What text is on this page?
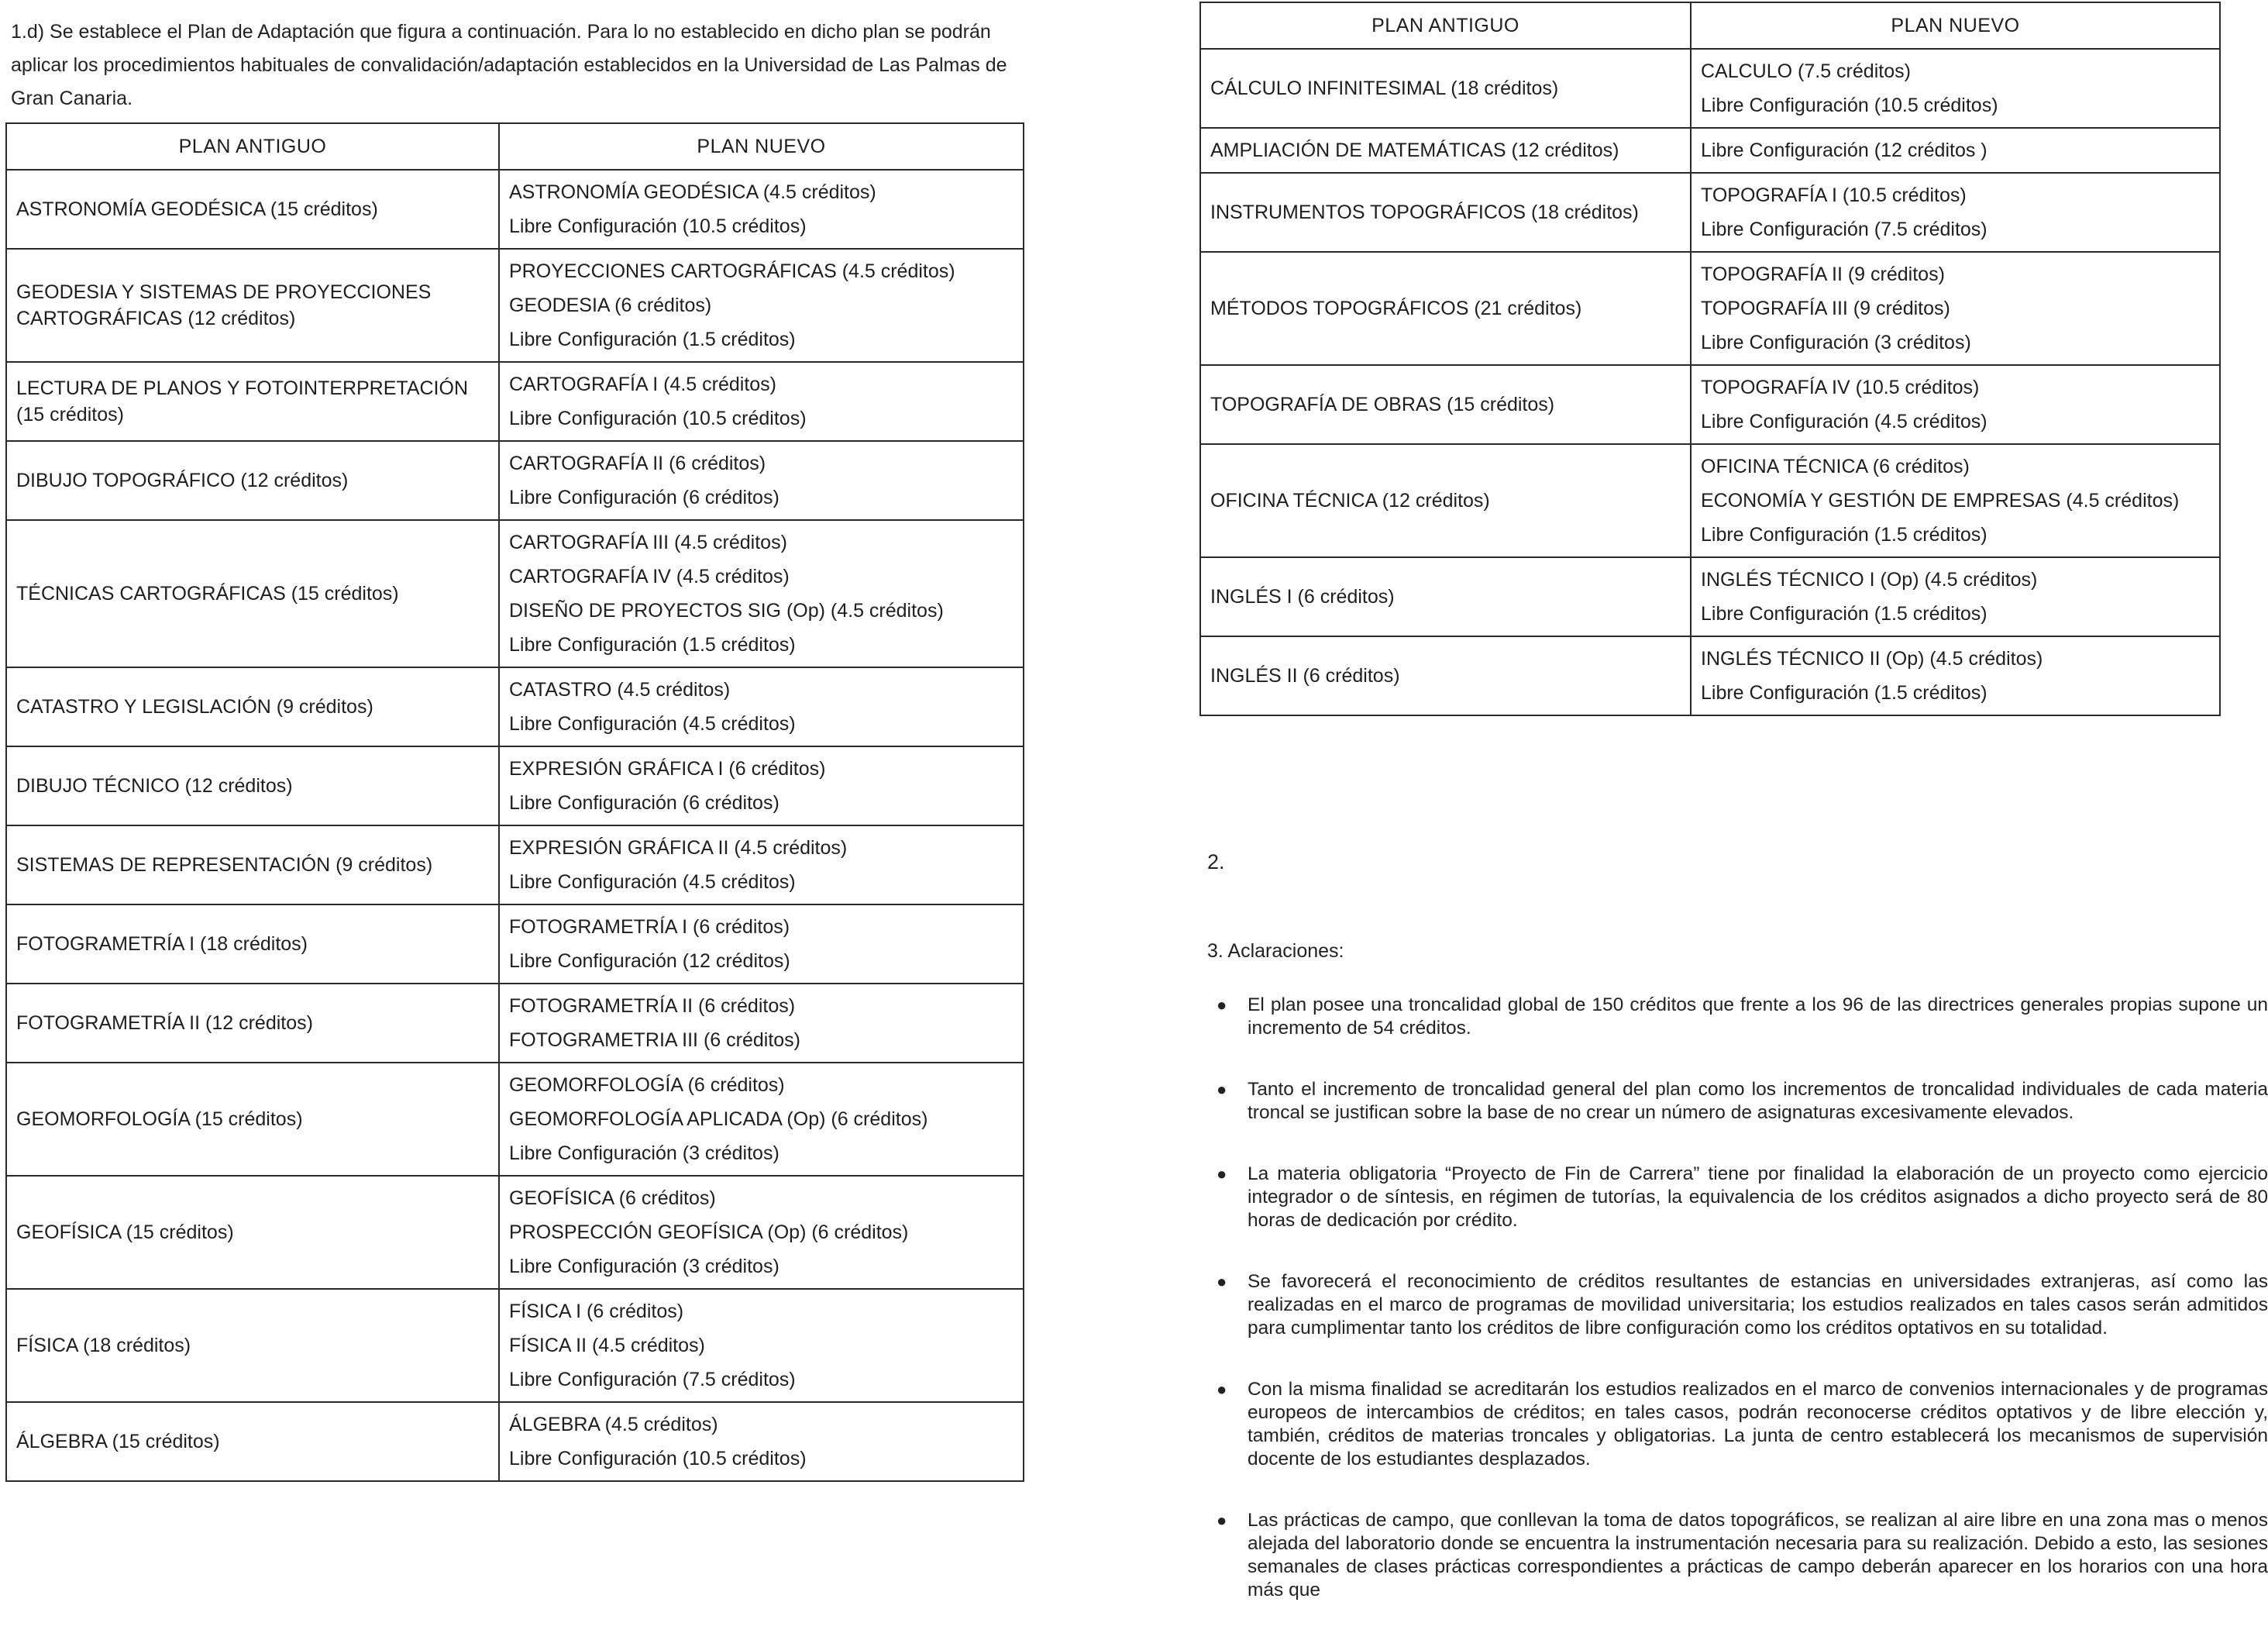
1.d) Se establece el Plan de Adaptación que figura a continuación. Para lo no establecido en dicho plan se podrán aplicar los procedimientos habituales de convalidación/adaptación establecidos en la Universidad de Las Palmas de Gran Canaria.

PLAN ANTIGUO	PLAN NUEVO
ASTRONOMÍA GEODÉSICA (15 créditos)	ASTRONOMÍA GEODÉSICA (4.5 créditos)
Libre Configuración (10.5 créditos)

GEODESIA Y SISTEMAS DE PROYECCIONES CARTOGRÁFICAS (12 créditos)	PROYECCIONES CARTOGRÁFICAS (4.5 créditos)
GEODESIA (6 créditos)
Libre Configuración (1.5 créditos)

LECTURA DE PLANOS Y FOTOINTERPRETACIÓN (15 créditos)	CARTOGRAFÍA I (4.5 créditos)
Libre Configuración (10.5 créditos)

DIBUJO TOPOGRÁFICO (12 créditos)	CARTOGRAFÍA II (6 créditos)
Libre Configuración (6 créditos)

TÉCNICAS CARTOGRÁFICAS (15 créditos)	CARTOGRAFÍA III (4.5 créditos)
CARTOGRAFÍA IV (4.5 créditos)
DISEÑO DE PROYECTOS SIG (Op) (4.5 créditos)
Libre Configuración (1.5 créditos)

CATASTRO Y LEGISLACIÓN (9 créditos)	CATASTRO (4.5 créditos)
Libre Configuración (4.5 créditos)

DIBUJO TÉCNICO (12 créditos)	EXPRESIÓN GRÁFICA I (6 créditos)
Libre Configuración (6 créditos)

SISTEMAS DE REPRESENTACIÓN (9 créditos)	EXPRESIÓN GRÁFICA II (4.5 créditos)
Libre Configuración (4.5 créditos)

FOTOGRAMETRÍA I (18 créditos)	FOTOGRAMETRÍA I (6 créditos)
Libre Configuración (12 créditos)

FOTOGRAMETRÍA II (12 créditos)	FOTOGRAMETRÍA II (6 créditos)
FOTOGRAMETRIA III (6 créditos)

GEOMORFOLOGÍA (15 créditos)	GEOMORFOLOGÍA (6 créditos)
GEOMORFOLOGÍA APLICADA (Op) (6 créditos)
Libre Configuración (3 créditos)

GEOFÍSICA (15 créditos)	GEOFÍSICA (6 créditos)
PROSPECCIÓN GEOFÍSICA (Op) (6 créditos)
Libre Configuración (3 créditos)

FÍSICA (18 créditos)	FÍSICA I (6 créditos)
FÍSICA II (4.5 créditos)
Libre Configuración (7.5 créditos)

ÁLGEBRA (15 créditos)	ÁLGEBRA (4.5 créditos)
Libre Configuración (10.5 créditos)
PLAN ANTIGUO	PLAN NUEVO
CÁLCULO INFINITESIMAL (18 créditos)	CALCULO (7.5 créditos)
Libre Configuración (10.5 créditos)

AMPLIACIÓN DE MATEMÁTICAS (12 créditos)	Libre Configuración (12 créditos )

INSTRUMENTOS TOPOGRÁFICOS (18 créditos)	TOPOGRAFÍA I (10.5 créditos)
Libre Configuración (7.5 créditos)

MÉTODOS TOPOGRÁFICOS (21 créditos)	TOPOGRAFÍA II (9 créditos)
TOPOGRAFÍA III (9 créditos)
Libre Configuración (3 créditos)

TOPOGRAFÍA DE OBRAS (15 créditos)	TOPOGRAFÍA IV (10.5 créditos)
Libre Configuración (4.5 créditos)

OFICINA TÉCNICA (12 créditos)	OFICINA TÉCNICA (6 créditos)
ECONOMÍA Y GESTIÓN DE EMPRESAS (4.5 créditos)
Libre Configuración (1.5 créditos)

INGLÉS I (6 créditos)	INGLÉS TÉCNICO I (Op) (4.5 créditos)
Libre Configuración (1.5 créditos)

INGLÉS II (6 créditos)	INGLÉS TÉCNICO II (Op) (4.5 créditos)
Libre Configuración (1.5 créditos)
2.
3. Aclaraciones:
● El plan posee una troncalidad global de 150 créditos que frente a los 96 de las directrices generales propias supone un incremento de 54 créditos.
● Tanto el incremento de troncalidad general del plan como los incrementos de troncalidad individuales de cada materia troncal se justifican sobre la base de no crear un número de asignaturas excesivamente elevados.
● La materia obligatoria “Proyecto de Fin de Carrera” tiene por finalidad la elaboración de un proyecto como ejercicio integrador o de síntesis, en régimen de tutorías, la equivalencia de los créditos asignados a dicho proyecto será de 80 horas de dedicación por crédito.
● Se favorecerá el reconocimiento de créditos resultantes de estancias en universidades extranjeras, así como las realizadas en el marco de programas de movilidad universitaria; los estudios realizados en tales casos serán admitidos para cumplimentar tanto los créditos de libre configuración como los créditos optativos en su totalidad.
● Con la misma finalidad se acreditarán los estudios realizados en el marco de convenios internacionales y de programas europeos de intercambios de créditos; en tales casos, podrán reconocerse créditos optativos y de libre elección y, también, créditos de materias troncales y obligatorias. La junta de centro establecerá los mecanismos de supervisión docente de los estudiantes desplazados.
● Las prácticas de campo, que conllevan la toma de datos topográficos, se realizan al aire libre en una zona mas o menos alejada del laboratorio donde se encuentra la instrumentación necesaria para su realización. Debido a esto, las sesiones semanales de clases prácticas correspondientes a prácticas de campo deberán aparecer en los horarios con una hora más que
